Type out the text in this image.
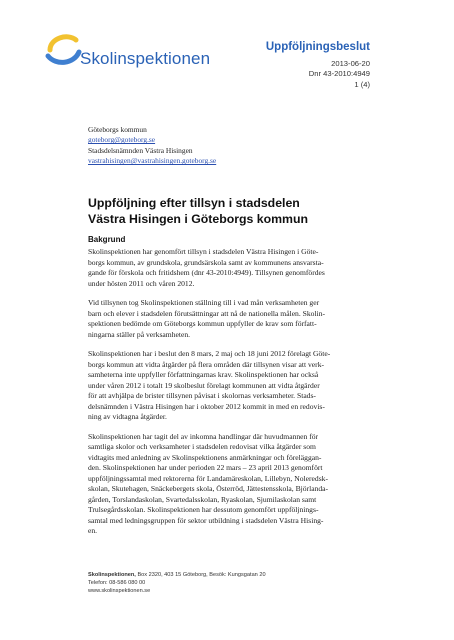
Skolinspektionen
Uppföljningsbeslut
2013-06-20
Dnr 43-2010:4949
1 (4)
Göteborgs kommun
goteborg@goteborg.se
Stadsdelsnämnden Västra Hisingen
vastrahisingen@vastrahisingen.goteborg.se
Uppföljning efter tillsyn i stadsdelen
Västra Hisingen i Göteborgs kommun
Bakgrund
Skolinspektionen har genomfört tillsyn i stadsdelen Västra Hisingen i Göte-
borgs kommun, av grundskola, grundsärskola samt av kommunens ansvarsta-
gande för förskola och fritidshem (dnr 43-2010:4949). Tillsynen genomfördes
under hösten 2011 och våren 2012.
Vid tillsynen tog Skolinspektionen ställning till i vad mån verksamheten ger
barn och elever i stadsdelen förutsättningar att nå de nationella målen. Skolin-
spektionen bedömde om Göteborgs kommun uppfyller de krav som författ-
ningarna ställer på verksamheten.
Skolinspektionen har i beslut den 8 mars, 2 maj och 18 juni 2012 förelagt Göte-
borgs kommun att vidta åtgärder på flera områden där tillsynen visar att verk-
samheterna inte uppfyller författningarnas krav. Skolinspektionen har också
under våren 2012 i totalt 19 skolbeslut förelagt kommunen att vidta åtgärder
för att avhjälpa de brister tillsynen påvisat i skolornas verksamheter. Stads-
delsnämnden i Västra Hisingen har i oktober 2012 kommit in med en redovis-
ning av vidtagna åtgärder.
Skolinspektionen har tagit del av inkomna handlingar där huvudmannen för
samtliga skolor och verksamheter i stadsdelen redovisat vilka åtgärder som
vidtagits med anledning av Skolinspektionens anmärkningar och föreläggan-
den. Skolinspektionen har under perioden 22 mars – 23 april 2013 genomfört
uppföljningssamtal med rektorerna för Landamäreskolan, Lillebyn, Noleredsk-
skolan, Skutehagen, Snäckebergets skola, Österröd, Jättestensskola, Björlanda-
gården, Torslandaskolan, Svartedalsskolan, Ryaskolan, Sjumilaskolan samt
Trulsegårdsskolan. Skolinspektionen har dessutom genomfört uppföljnings-
samtal med ledningsgruppen för sektor utbildning i stadsdelen Västra Hising-
en.
Skolinspektionen, Box 2320, 403 15 Göteborg, Besök: Kungsgatan 20
Telefon: 08-586 080 00
www.skolinspektionen.se
